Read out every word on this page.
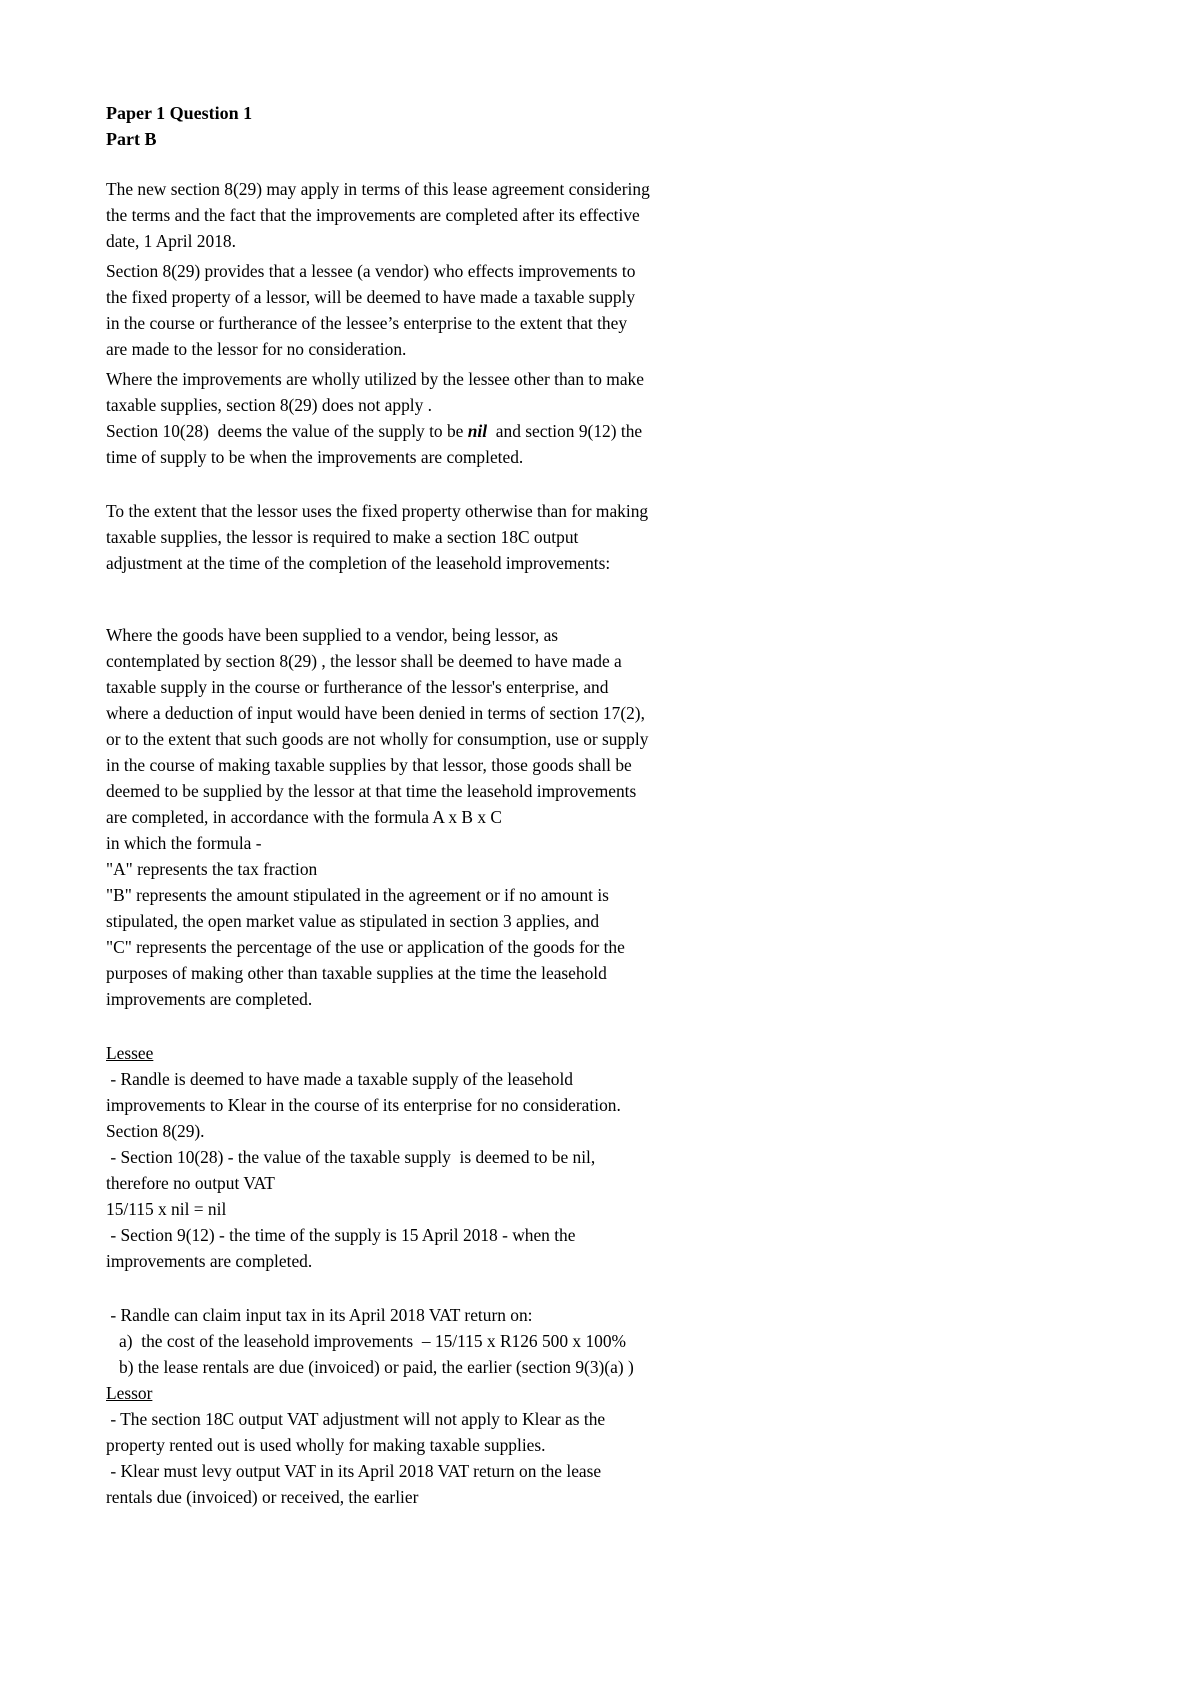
Paper 1 Question 1
Part B
The new section 8(29) may apply in terms of this lease agreement considering
the terms and the fact that the improvements are completed after its effective
date, 1 April 2018.
Section 8(29) provides that a lessee (a vendor) who effects improvements to
the fixed property of a lessor, will be deemed to have made a taxable supply
in the course or furtherance of the lessee’s enterprise to the extent that they
are made to the lessor for no consideration.
Where the improvements are wholly utilized by the lessee other than to make
taxable supplies, section 8(29) does not apply .
Section 10(28)  deems the value of the supply to be nil  and section 9(12) the
time of supply to be when the improvements are completed.
To the extent that the lessor uses the fixed property otherwise than for making
taxable supplies, the lessor is required to make a section 18C output
adjustment at the time of the completion of the leasehold improvements:
Where the goods have been supplied to a vendor, being lessor, as
contemplated by section 8(29) , the lessor shall be deemed to have made a
taxable supply in the course or furtherance of the lessor's enterprise, and
where a deduction of input would have been denied in terms of section 17(2),
or to the extent that such goods are not wholly for consumption, use or supply
in the course of making taxable supplies by that lessor, those goods shall be
deemed to be supplied by the lessor at that time the leasehold improvements
are completed, in accordance with the formula A x B x C
in which the formula -
"A" represents the tax fraction
"B" represents the amount stipulated in the agreement or if no amount is
stipulated, the open market value as stipulated in section 3 applies, and
"C" represents the percentage of the use or application of the goods for the
purposes of making other than taxable supplies at the time the leasehold
improvements are completed.
Lessee
- Randle is deemed to have made a taxable supply of the leasehold
improvements to Klear in the course of its enterprise for no consideration.
Section 8(29).
- Section 10(28) - the value of the taxable supply  is deemed to be nil,
therefore no output VAT
15/115 x nil = nil
- Section 9(12) - the time of the supply is 15 April 2018 - when the
improvements are completed.
- Randle can claim input tax in its April 2018 VAT return on:
a)  the cost of the leasehold improvements  – 15/115 x R126 500 x 100%
b) the lease rentals are due (invoiced) or paid, the earlier (section 9(3)(a) )
Lessor
- The section 18C output VAT adjustment will not apply to Klear as the
property rented out is used wholly for making taxable supplies.
- Klear must levy output VAT in its April 2018 VAT return on the lease
rentals due (invoiced) or received, the earlier
